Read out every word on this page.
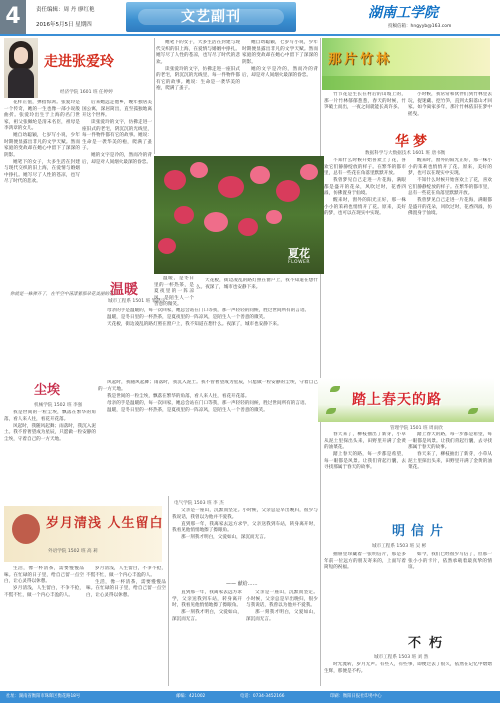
4	责任编辑：周 丹 廖红艳
2016年5月5日 星期四	文艺副刊	湖南工学院
投稿信箱：hngyyb@163.com
走进张爱玲
经济学院 1601 班 任婷婷

花样正值，弹指惊鸿。张爱玲是一个传奇，她的一生也像一部小说般曲折。张爱玲出生于上海的名门世家，祖父张佩纶是清末名臣，祖母是李鸿章的女儿。

她自幼聪颖，七岁写小说，少年时期便显露出非凡的文学天赋。然而家庭的变故却在她心中留下了深深的阴影。

她笔下的女子，大多生活在封建与现代交织的旧上海，在爱情与婚姻中挣扎。她写尽了人性的苍凉，也写尽了时代的悲欢。

后来她远走他乡，晚年独居美国公寓，深居简出，直至孤独地离开这个世界。

读张爱玲的文字，仿佛走进一座旧式的老宅，阴沉沉的光线里，每一件物件都有它的故事。她说：生命是一袭华美的袍，爬满了蚤子。

她的文字是冷的，然而冷的背后，却是对人间烟火最深的眷恋。

她笔下的女子，大多生活在封建与现代交织的旧上海，在爱情与婚姻中挣扎。她写尽了人性的苍凉，也写尽了时代的悲欢。

读张爱玲的文字，仿佛走进一座旧式的老宅，阴沉沉的光线里，每一件物件都有它的故事。她说：生命是一袭华美的袍，爬满了蚤子。

她自幼聪颖，七岁写小说，少年时期便显露出非凡的文学天赋。然而家庭的变故却在她心中留下了深深的阴影。

她的文字是冷的，然而冷的背后，却是对人间烟火最深的眷恋。

你就是一株弹开了，在半空中荡漾着那朵花美丽的花。
夏花
FLOWER

温暖，是冬日里的一杯热茶，是夏夜里的一阵凉风，是陌生人一个善意的微笑。

温暖
城市工程系 1501 班 邹皓宇

天花板，街边凌乱的路灯照在窗户上，我不知道在想什么。夜深了，城市也安静下来。

母亲的手是温暖的，每一次回家，她总会站在门口等我，那一声轻轻的问候，胜过世间所有的言语。

温暖，是冬日里的一杯热茶，是夏夜里的一阵凉风，是陌生人一个善意的微笑。

天花板，街边凌乱的路灯照在窗户上，我不知道在想什么。夜深了，城市也安静下来。

尘埃
机械学院 1502 班 李强

我是世间的一粒尘埃，飘落在繁华的角落，看人来人往，看花开花落。

风起时，我随风起舞；雨落时，我沉入泥土。我不曾奢望成为星辰，只愿做一粒安静的尘埃，守着自己的一方天地。

风起时，我随风起舞；雨落时，我沉入泥土。我不曾奢望成为星辰，只愿做一粒安静的尘埃，守着自己的一方天地。

我是世间的一粒尘埃，飘落在繁华的角落，看人来人往，看花开花落。

母亲的手是温暖的，每一次回家，她总会站在门口等我，那一声轻轻的问候，胜过世间所有的言语。

温暖，是冬日里的一杯热茶，是夏夜里的一阵凉风，是陌生人一个善意的微笑。

那片竹林

竹节花是生长在村后的山坡上的，那一片竹林郁郁葱葱，春天的时候，竹笋破土而出，一夜之间就能长高许多。

小时候，我常常和伙伴们到竹林里去玩，捉迷藏、挖竹笋，直到太阳落山才回家。如今离家多年，那片竹林依旧在梦中摇曳。

华梦
数据科学与大数据技术 1601 班 唐书衡

不知什么时候开始喜欢上了花，喜欢它们静静绽放的样子。在繁华的都市里，总有一些花在角落里默默开放。

我曾梦见自己走进一片花海，满眼都是盛开的花朵，风吹过时，花香四溢，仿佛置身于仙境。

醒来时，窗外的阳光正好，那一株小小的茉莉也悄悄开了花。原来，美好的梦，也可以在现实中实现。

醒来时，窗外的阳光正好，那一株小小的茉莉也悄悄开了花。原来，美好的梦，也可以在现实中实现。

不知什么时候开始喜欢上了花，喜欢它们静静绽放的样子。在繁华的都市里，总有一些花在角落里默默开放。

我曾梦见自己走进一片花海，满眼都是盛开的花朵，风吹过时，花香四溢，仿佛置身于仙境。

踏上春天的路
管理学院 1501 班 周雨欣

春天来了，柳枝抽出了新芽，小草从泥土里探出头来，田野里开满了金黄的油菜花。

踏上春天的路，每一步都是希望，每一眼都是风景。让我们背起行囊，去寻找那属于春天的故事。

踏上春天的路，每一步都是希望，每一眼都是风景。让我们背起行囊，去寻找那属于春天的故事。

春天来了，柳枝抽出了新芽，小草从泥土里探出头来，田野里开满了金黄的油菜花。

明信片
城市工程系 1503 班 吴 彬

抽屉里珍藏着一张明信片，那是多年前一位远方的朋友寄来的，上面写着简短的祝福。

如今，我们已经很少写信了，但那一张小小的卡片，依然承载着最真挚的情谊。

不朽
城市工程系 1503 班 刘 然

时光流转，岁月无声。有些人，有些事，即便过去了很久，依然在记忆中熠熠生辉，那便是不朽。

岁月清浅 人生留白
外语学院 1502 班 高 莉

生活，像一杯清茶，需要慢慢品味。在忙碌的日子里，给自己留一点空白，让心灵得以休憩。

岁月清浅，人生留白，不争不抢，不慌不忙，做一个内心丰盈的人。

岁月清浅，人生留白，不争不抢，不慌不忙，做一个内心丰盈的人。

生活，像一杯清茶，需要慢慢品味。在忙碌的日子里，给自己留一点空白，让心灵得以休憩。

电气学院 1503 班 李 杰

父亲是一座山，沉默而坚定。小时候，父亲总是早出晚归，很少与我说话，我曾以为他并不爱我。

直到那一年，我离家去远方求学，父亲送我到车站，转身离开时，我看见他悄悄地擦了擦眼角。

那一刻我才明白，父爱如山，深沉而无言。

—— 献给……

直到那一年，我离家去远方求学，父亲送我到车站，转身离开时，我看见他悄悄地擦了擦眼角。

那一刻我才明白，父爱如山，深沉而无言。

父亲是一座山，沉默而坚定。小时候，父亲总是早出晚归，很少与我说话，我曾以为他并不爱我。

那一刻我才明白，父爱如山，深沉而无言。

社址：湖南省衡阳市珠晖区衡花路18号	邮编：421002	电话：0734-3452166	印刷：衡阳日报社印务中心
